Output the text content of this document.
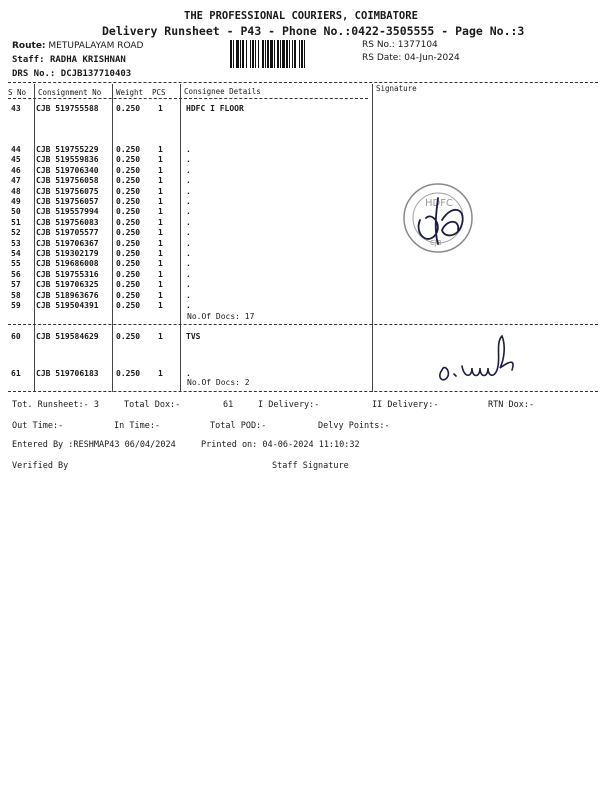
THE PROFESSIONAL COURIERS, COIMBATORE
Delivery Runsheet - P43 - Phone No.:0422-3505555 - Page No.:3
Route: METUPALAYAM ROAD
Staff: RADHA KRISHNAN
DRS No.: DCJB137710403
RS No.: 1377104
RS Date: 04-Jun-2024
S No Consignment No Weight PCS Consignee Details	Signature
43 CJB 519755588 0.250 1	HDFC I FLOOR
44 CJB 519755229 0.250 1	.
45 CJB 519559836 0.250 1	.
46 CJB 519706340 0.250 1	.
47 CJB 519756058 0.250 1	.
48 CJB 519756075 0.250 1	.
49 CJB 519756057 0.250 1	.
50 CJB 519557994 0.250 1	.
51 CJB 519756083 0.250 1	.
52 CJB 519705577 0.250 1	.
53 CJB 519706367 0.250 1	.
54 CJB 519302179 0.250 1	.
55 CJB 519686008 0.250 1	.
56 CJB 519755316 0.250 1	.
57 CJB 519706325 0.250 1	.
58 CJB 518963676 0.250 1	.
59 CJB 519504391 0.250 1	.
No.Of Docs: 17
HDFC
CJB
60 CJB 519584629 0.250 1	TVS
61 CJB 519706183 0.250 1	.
No.Of Docs: 2
Tot. Runsheet:- 3	Total Dox:-	61	I Delivery:-	II Delivery:-	RTN Dox:-
Out Time:-	In Time:-	Total POD:-	Delvy Points:-
Entered By :RESHMAP43 06/04/2024	Printed on: 04-06-2024 11:10:32
Verified By	Staff Signature
